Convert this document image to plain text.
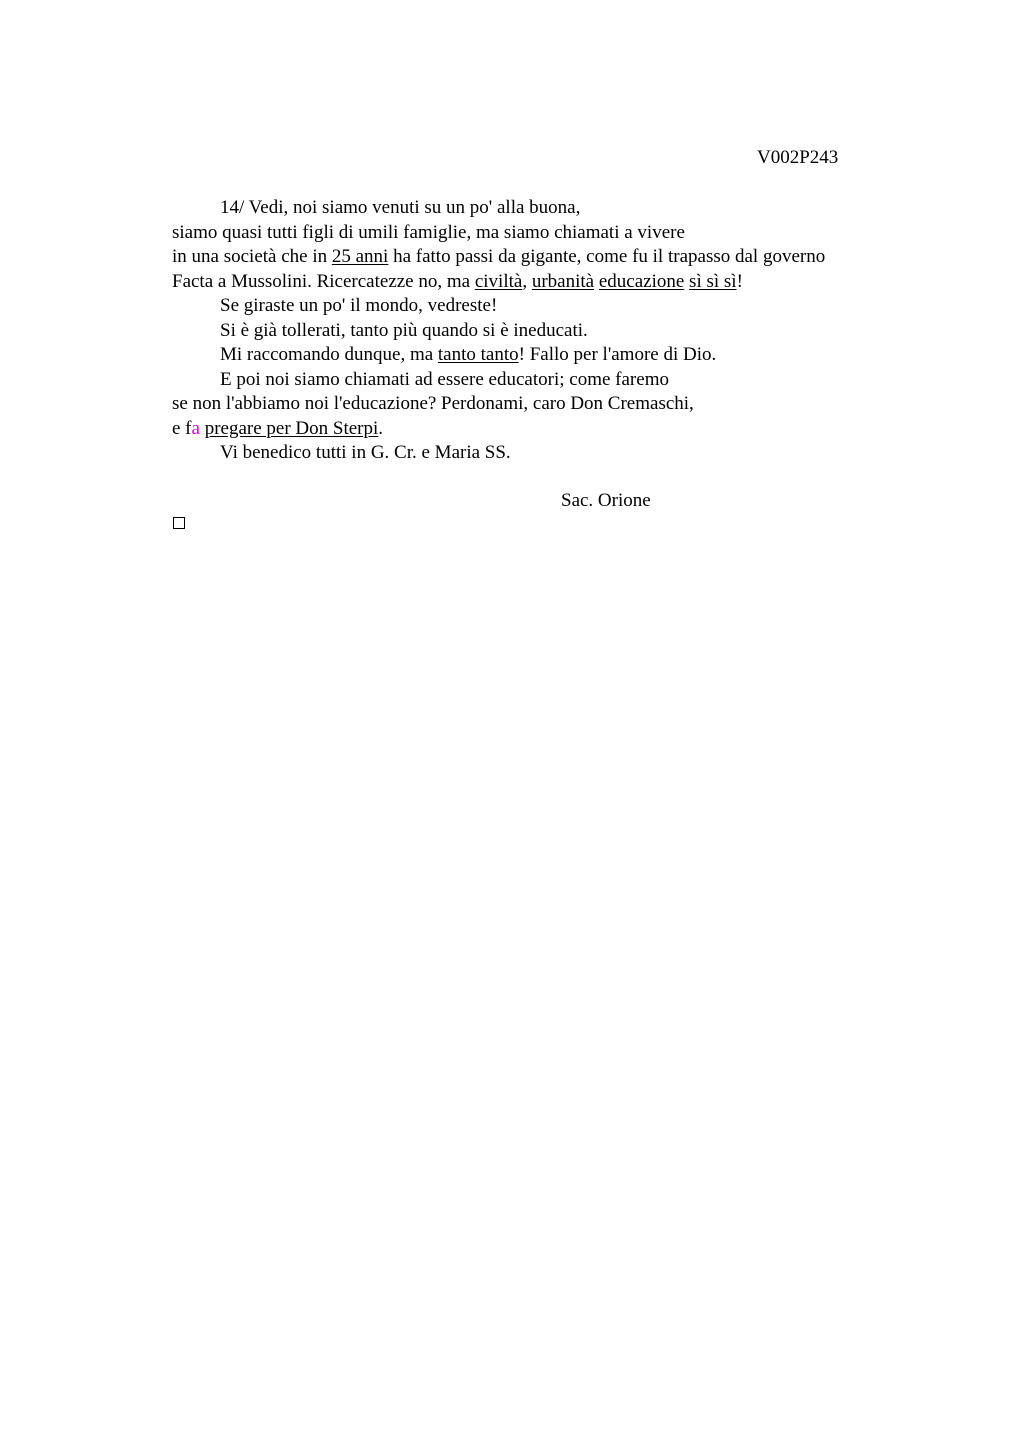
V002P243
14/ Vedi, noi siamo venuti su un po' alla buona,
siamo quasi tutti figli di umili famiglie, ma siamo chiamati a vivere
in una società che in 25 anni ha fatto passi da gigante, come fu il trapasso dal governo
Facta a Mussolini. Ricercatezze no, ma civiltà, urbanità educazione sì sì sì!
Se giraste un po' il mondo, vedreste!
Si è già tollerati, tanto più quando si è ineducati.
Mi raccomando dunque, ma tanto tanto! Fallo per l'amore di Dio.
E poi noi siamo chiamati ad essere educatori; come faremo
se non l'abbiamo noi l'educazione? Perdonami, caro Don Cremaschi,
e fa pregare per Don Sterpi.
Vi benedico tutti in G. Cr. e Maria SS.
Sac. Orione
